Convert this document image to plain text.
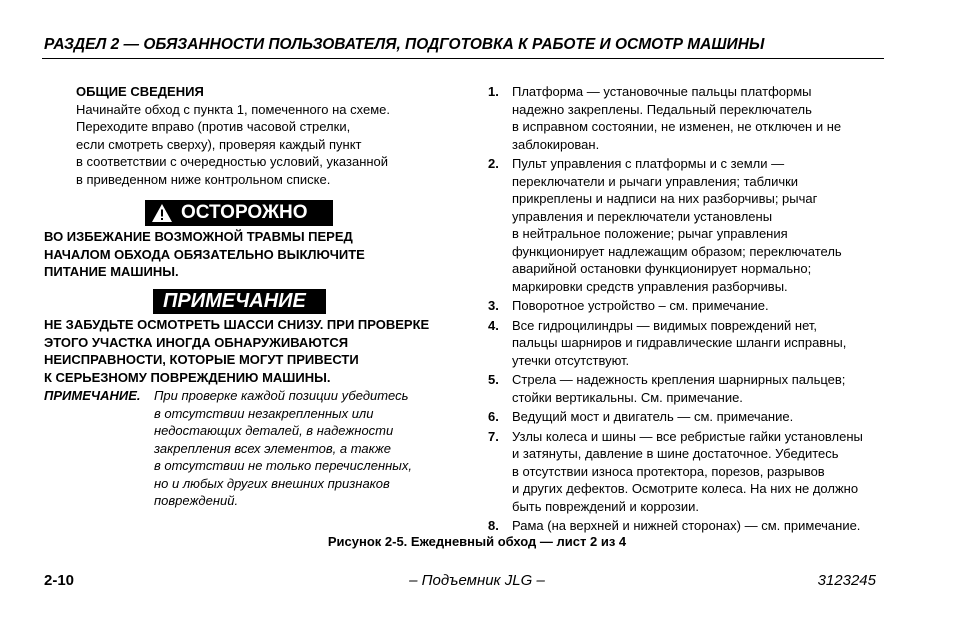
РАЗДЕЛ 2 — ОБЯЗАННОСТИ ПОЛЬЗОВАТЕЛЯ, ПОДГОТОВКА К РАБОТЕ И ОСМОТР МАШИНЫ
ОБЩИЕ СВЕДЕНИЯ
Начинайте обход с пункта 1, помеченного на схеме.
Переходите вправо (против часовой стрелки,
если смотреть сверху), проверяя каждый пункт
в соответствии с очередностью условий, указанной
в приведенном ниже контрольном списке.
ОСТОРОЖНО
ВО ИЗБЕЖАНИЕ ВОЗМОЖНОЙ ТРАВМЫ ПЕРЕД
НАЧАЛОМ ОБХОДА ОБЯЗАТЕЛЬНО ВЫКЛЮЧИТЕ
ПИТАНИЕ МАШИНЫ.
ПРИМЕЧАНИЕ
НЕ ЗАБУДЬТЕ ОСМОТРЕТЬ ШАССИ СНИЗУ. ПРИ ПРОВЕРКЕ
ЭТОГО УЧАСТКА ИНОГДА ОБНАРУЖИВАЮТСЯ
НЕИСПРАВНОСТИ, КОТОРЫЕ МОГУТ ПРИВЕСТИ
К СЕРЬЕЗНОМУ ПОВРЕЖДЕНИЮ МАШИНЫ.
ПРИМЕЧАНИЕ. При проверке каждой позиции убедитесь
в отсутствии незакрепленных или
недостающих деталей, в надежности
закрепления всех элементов, а также
в отсутствии не только перечисленных,
но и любых других внешних признаков
повреждений.
1. Платформа — установочные пальцы платформы
надежно закреплены. Педальный переключатель
в исправном состоянии, не изменен, не отключен и не
заблокирован.
2. Пульт управления с платформы и с земли —
переключатели и рычаги управления; таблички
прикреплены и надписи на них разборчивы; рычаг
управления и переключатели установлены
в нейтральное положение; рычаг управления
функционирует надлежащим образом; переключатель
аварийной остановки функционирует нормально;
маркировки средств управления разборчивы.
3. Поворотное устройство – см. примечание.
4. Все гидроцилиндры — видимых повреждений нет,
пальцы шарниров и гидравлические шланги исправны,
утечки отсутствуют.
5. Стрела — надежность крепления шарнирных пальцев;
стойки вертикальны. См. примечание.
6. Ведущий мост и двигатель — см. примечание.
7. Узлы колеса и шины — все ребристые гайки установлены
и затянуты, давление в шине достаточное. Убедитесь
в отсутствии износа протектора, порезов, разрывов
и других дефектов. Осмотрите колеса. На них не должно
быть повреждений и коррозии.
8. Рама (на верхней и нижней сторонах) — см. примечание.
Рисунок 2-5. Ежедневный обход — лист 2 из 4
2-10	– Подъемник JLG –	3123245
